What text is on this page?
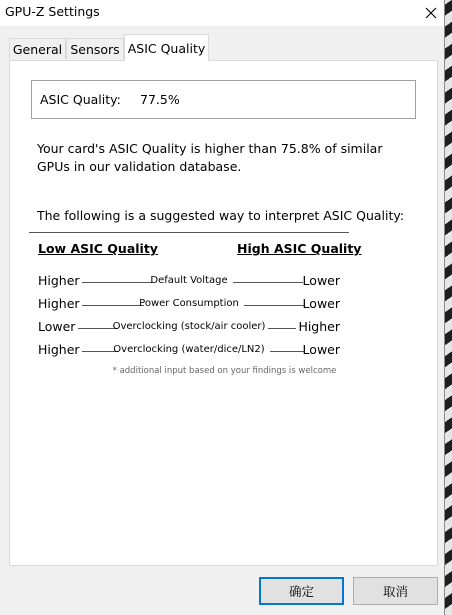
GPU-Z Settings
General Sensors ASIC Quality
ASIC Quality: 77.5%
Your card's ASIC Quality is higher than 75.8% of similar GPUs in our validation database.
The following is a suggested way to interpret ASIC Quality:
Low ASIC Quality	High ASIC Quality
Higher	Default Voltage	Lower
Higher	Power Consumption	Lower
Lower	Overclocking (stock/air cooler)	Higher
Higher	Overclocking (water/dice/LN2)	Lower
* additional input based on your findings is welcome
确定	取消
